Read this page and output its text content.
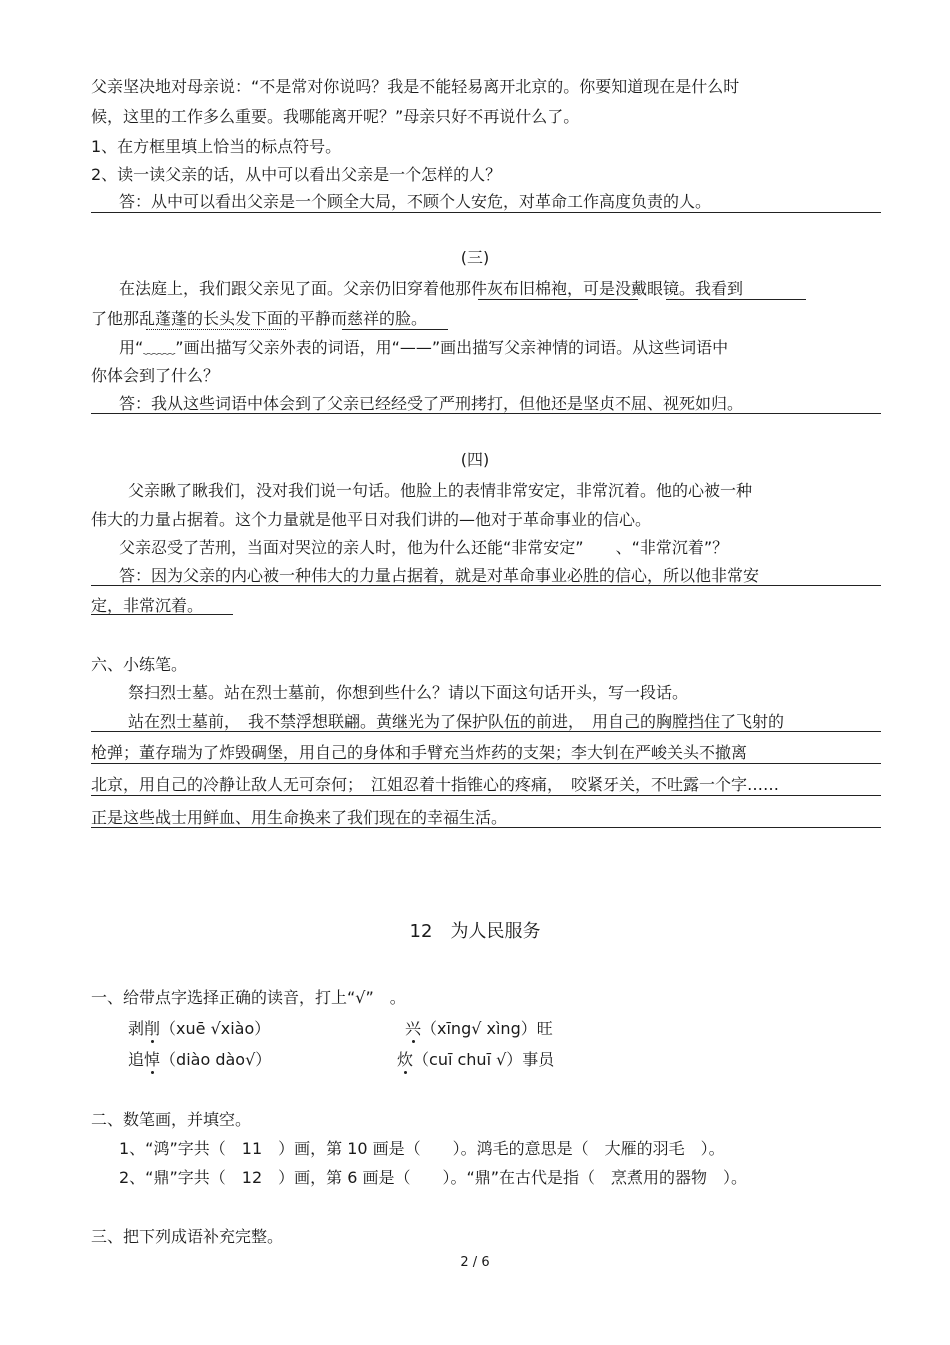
父亲坚决地对母亲说：“不是常对你说吗？我是不能轻易离开北京的。你要知道现在是什么时
候，这里的工作多么重要。我哪能离开呢？”母亲只好不再说什么了。
1、在方框里填上恰当的标点符号。
2、读一读父亲的话，从中可以看出父亲是一个怎样的人？
答：从中可以看出父亲是一个顾全大局，不顾个人安危，对革命工作高度负责的人。
(三)
在法庭上，我们跟父亲见了面。父亲仍旧穿着他那件灰布旧棉袍，可是没戴眼镜。我看到
了他那乱蓬蓬的长头发下面的平静而慈祥的脸。
用“﹏﹏”画出描写父亲外表的词语，用“——”画出描写父亲神情的词语。从这些词语中
你体会到了什么？
答：我从这些词语中体会到了父亲已经经受了严刑拷打，但他还是坚贞不屈、视死如归。
(四)
父亲瞅了瞅我们，没对我们说一句话。他脸上的表情非常安定，非常沉着。他的心被一种
伟大的力量占据着。这个力量就是他平日对我们讲的—他对于革命事业的信心。
父亲忍受了苦刑，当面对哭泣的亲人时，他为什么还能“非常安定”　　、“非常沉着”？
答：因为父亲的内心被一种伟大的力量占据着，就是对革命事业必胜的信心，所以他非常安
定，非常沉着。
六、小练笔。
祭扫烈士墓。站在烈士墓前，你想到些什么？请以下面这句话开头，写一段话。
站在烈士墓前，　我不禁浮想联翩。黄继光为了保护队伍的前进，　用自己的胸膛挡住了飞射的
枪弹；董存瑞为了炸毁碉堡，用自己的身体和手臂充当炸药的支架；李大钊在严峻关头不撤离
北京，用自己的冷静让敌人无可奈何；　江姐忍着十指锥心的疼痛，　咬紧牙关，不吐露一个字……
正是这些战士用鲜血、用生命换来了我们现在的幸福生活。
12　为人民服务
一、给带点字选择正确的读音，打上“√”　。
剥削（xuē √xiào）	兴（xīng√ xìng）旺
追悼（diào dào√）	炊（cuī chuī √）事员
二、数笔画，并填空。
1、“鸿”字共（　11　）画，第 10 画是（　　）。鸿毛的意思是（　大雁的羽毛　）。
2、“鼎”字共（　12　）画，第 6 画是（　　）。“鼎”在古代是指（　烹煮用的器物　）。
三、把下列成语补充完整。
2 / 6
